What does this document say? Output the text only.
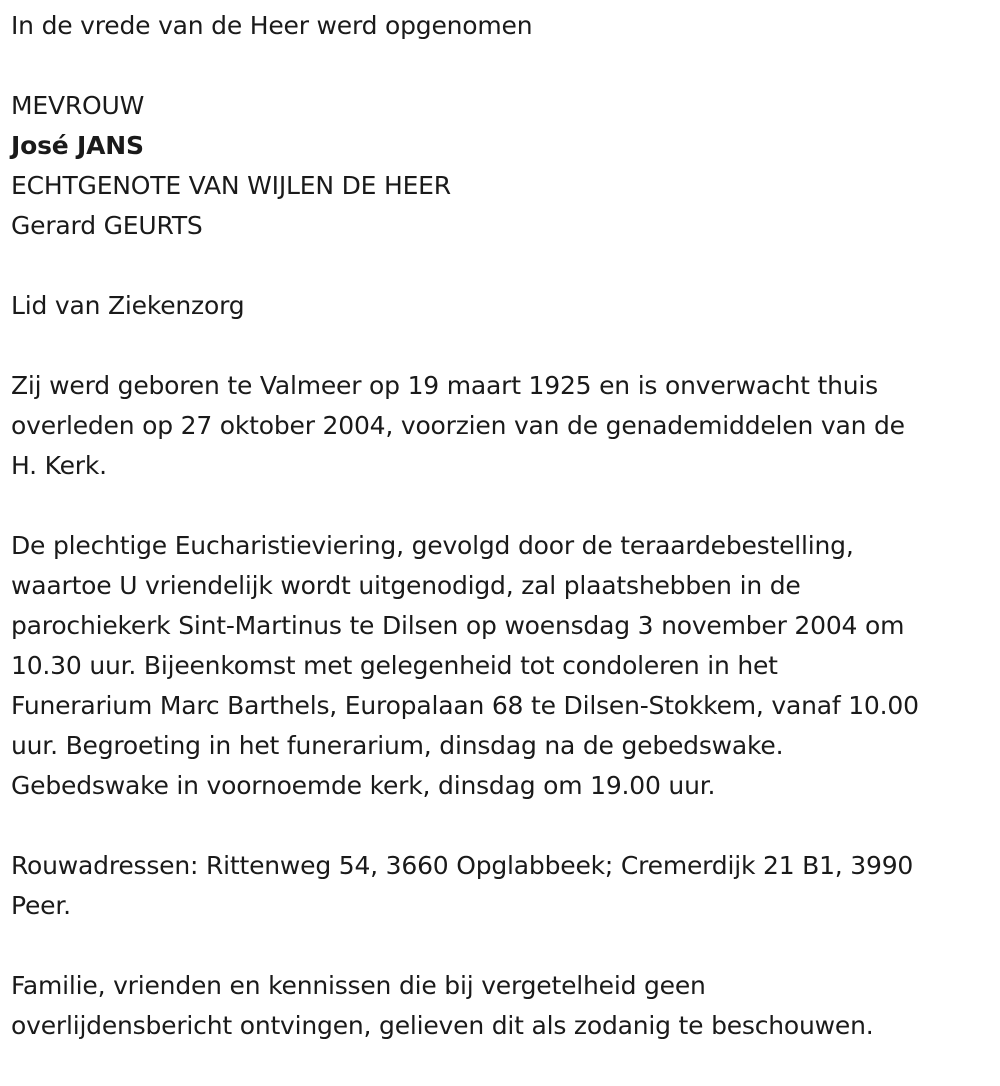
In de vrede van de Heer werd opgenomen

MEVROUW

José JANS

ECHTGENOTE VAN WIJLEN DE HEER

Gerard GEURTS

Lid van Ziekenzorg

Zij werd geboren te Valmeer op 19 maart 1925 en is onverwacht thuis

overleden op 27 oktober 2004, voorzien van de genademiddelen van de

H. Kerk.

De plechtige Eucharistieviering, gevolgd door de teraardebestelling,

waartoe U vriendelijk wordt uitgenodigd, zal plaatshebben in de

parochiekerk Sint-Martinus te Dilsen op woensdag 3 november 2004 om

10.30 uur. Bijeenkomst met gelegenheid tot condoleren in het

Funerarium Marc Barthels, Europalaan 68 te Dilsen-Stokkem, vanaf 10.00

uur. Begroeting in het funerarium, dinsdag na de gebedswake.

Gebedswake in voornoemde kerk, dinsdag om 19.00 uur.

Rouwadressen: Rittenweg 54, 3660 Opglabbeek; Cremerdijk 21 B1, 3990

Peer.

Familie, vrienden en kennissen die bij vergetelheid geen

overlijdensbericht ontvingen, gelieven dit als zodanig te beschouwen.
